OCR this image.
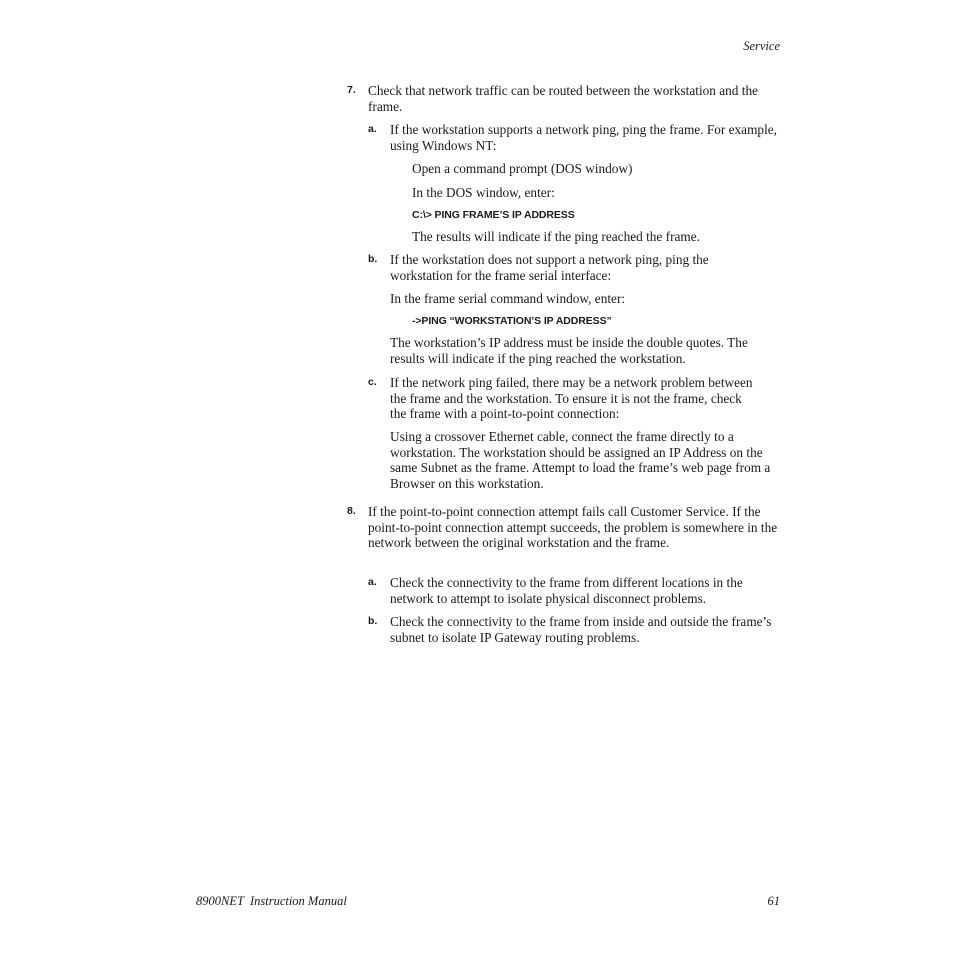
Service
7. Check that network traffic can be routed between the workstation and the frame.

a. If the workstation supports a network ping, ping the frame. For example, using Windows NT:

Open a command prompt (DOS window)

In the DOS window, enter:

C:\> PING FRAME’S IP ADDRESS

The results will indicate if the ping reached the frame.

b. If the workstation does not support a network ping, ping the workstation for the frame serial interface:

In the frame serial command window, enter:

->PING “WORKSTATION’S IP ADDRESS”

The workstation’s IP address must be inside the double quotes. The results will indicate if the ping reached the workstation.

c. If the network ping failed, there may be a network problem between the frame and the workstation. To ensure it is not the frame, check the frame with a point-to-point connection:

Using a crossover Ethernet cable, connect the frame directly to a workstation. The workstation should be assigned an IP Address on the same Subnet as the frame. Attempt to load the frame’s web page from a Browser on this workstation.

8. If the point-to-point connection attempt fails call Customer Service. If the point-to-point connection attempt succeeds, the problem is somewhere in the network between the original workstation and the frame.

a. Check the connectivity to the frame from different locations in the network to attempt to isolate physical disconnect problems.

b. Check the connectivity to the frame from inside and outside the frame’s subnet to isolate IP Gateway routing problems.

8900NET  Instruction Manual	61
